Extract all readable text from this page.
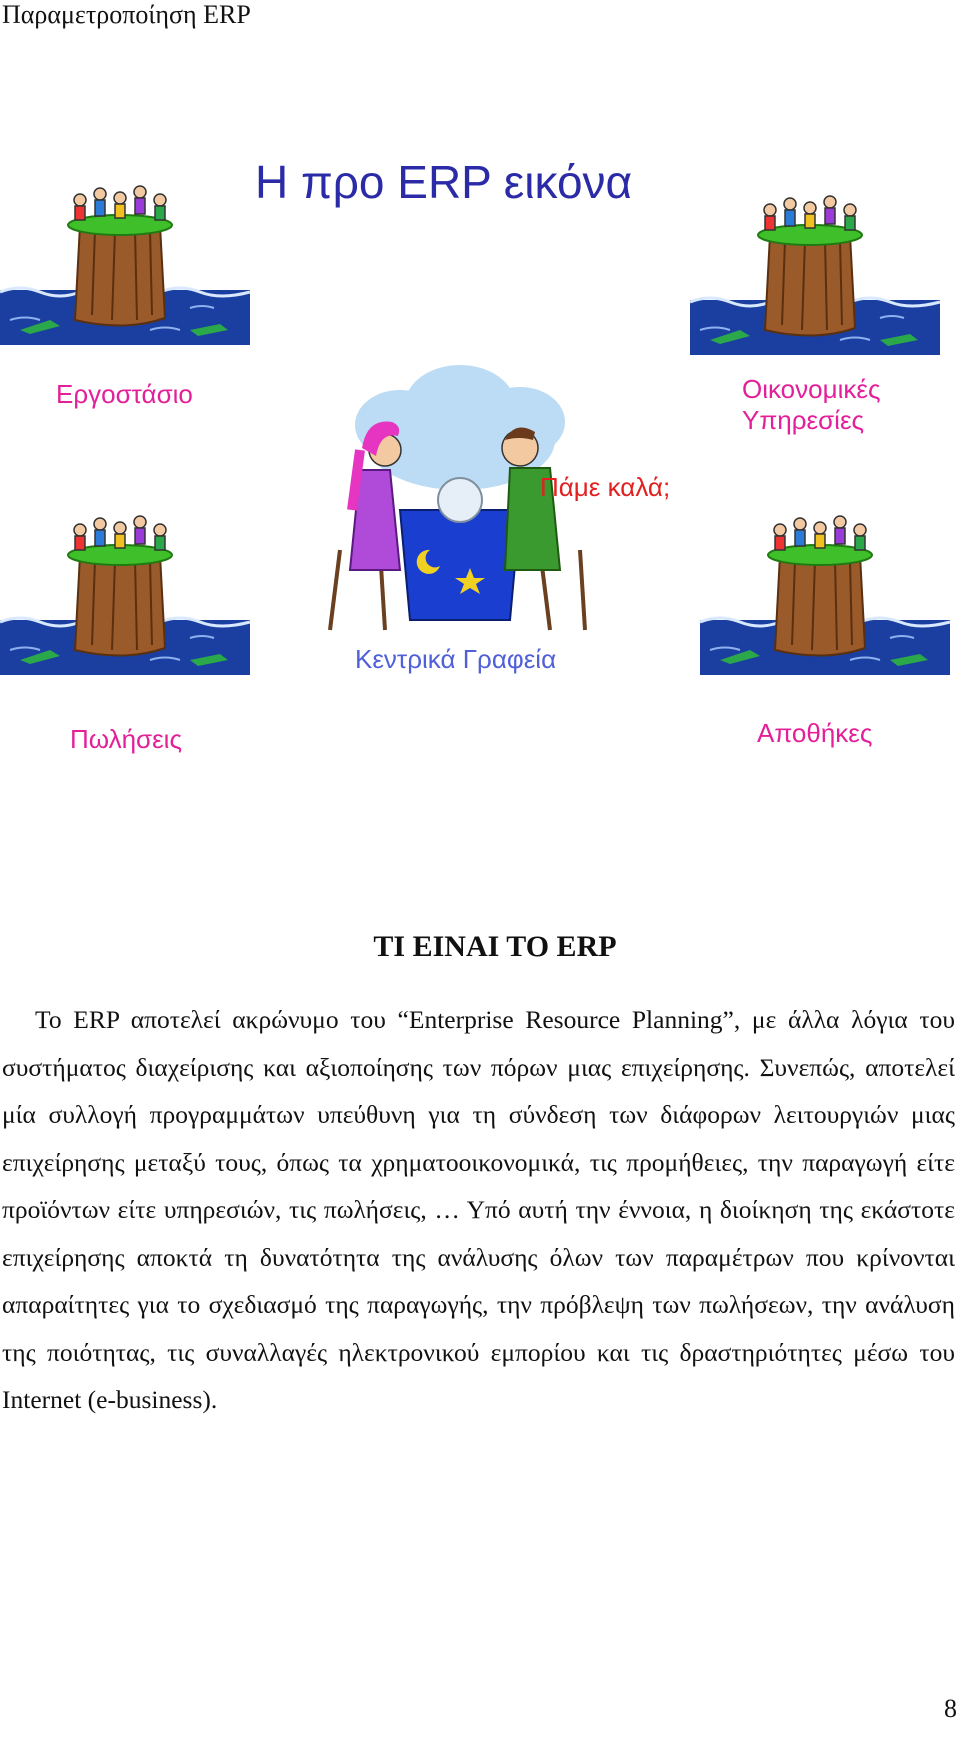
Παραμετροποίηση ERP
Η προ ERP εικόνα
Εργοστάσιο	Οικονομικές
Υπηρεσίες
Πωλήσεις	Αποθήκες
Πάμε καλά;
Κεντρικά Γραφεία
ΤΙ ΕΙΝΑΙ ΤΟ ERP
Το ERP αποτελεί ακρώνυμο του “Enterprise Resource Planning”, με άλλα λόγια του συστήματος διαχείρισης και αξιοποίησης των πόρων μιας επιχείρησης. Συνεπώς, αποτελεί μία συλλογή προγραμμάτων υπεύθυνη για τη σύνδεση των διάφορων λειτουργιών μιας επιχείρησης μεταξύ τους, όπως τα χρηματοοικονομικά, τις προμήθειες, την παραγωγή είτε προϊόντων είτε υπηρεσιών, τις πωλήσεις, … Υπό αυτή την έννοια, η διοίκηση της εκάστοτε επιχείρησης αποκτά τη δυνατότητα της ανάλυσης όλων των παραμέτρων που κρίνονται απαραίτητες για το σχεδιασμό της παραγωγής, την πρόβλεψη των πωλήσεων, την ανάλυση της ποιότητας, τις συναλλαγές ηλεκτρονικού εμπορίου και τις δραστηριότητες μέσω του Internet (e-business).
8
